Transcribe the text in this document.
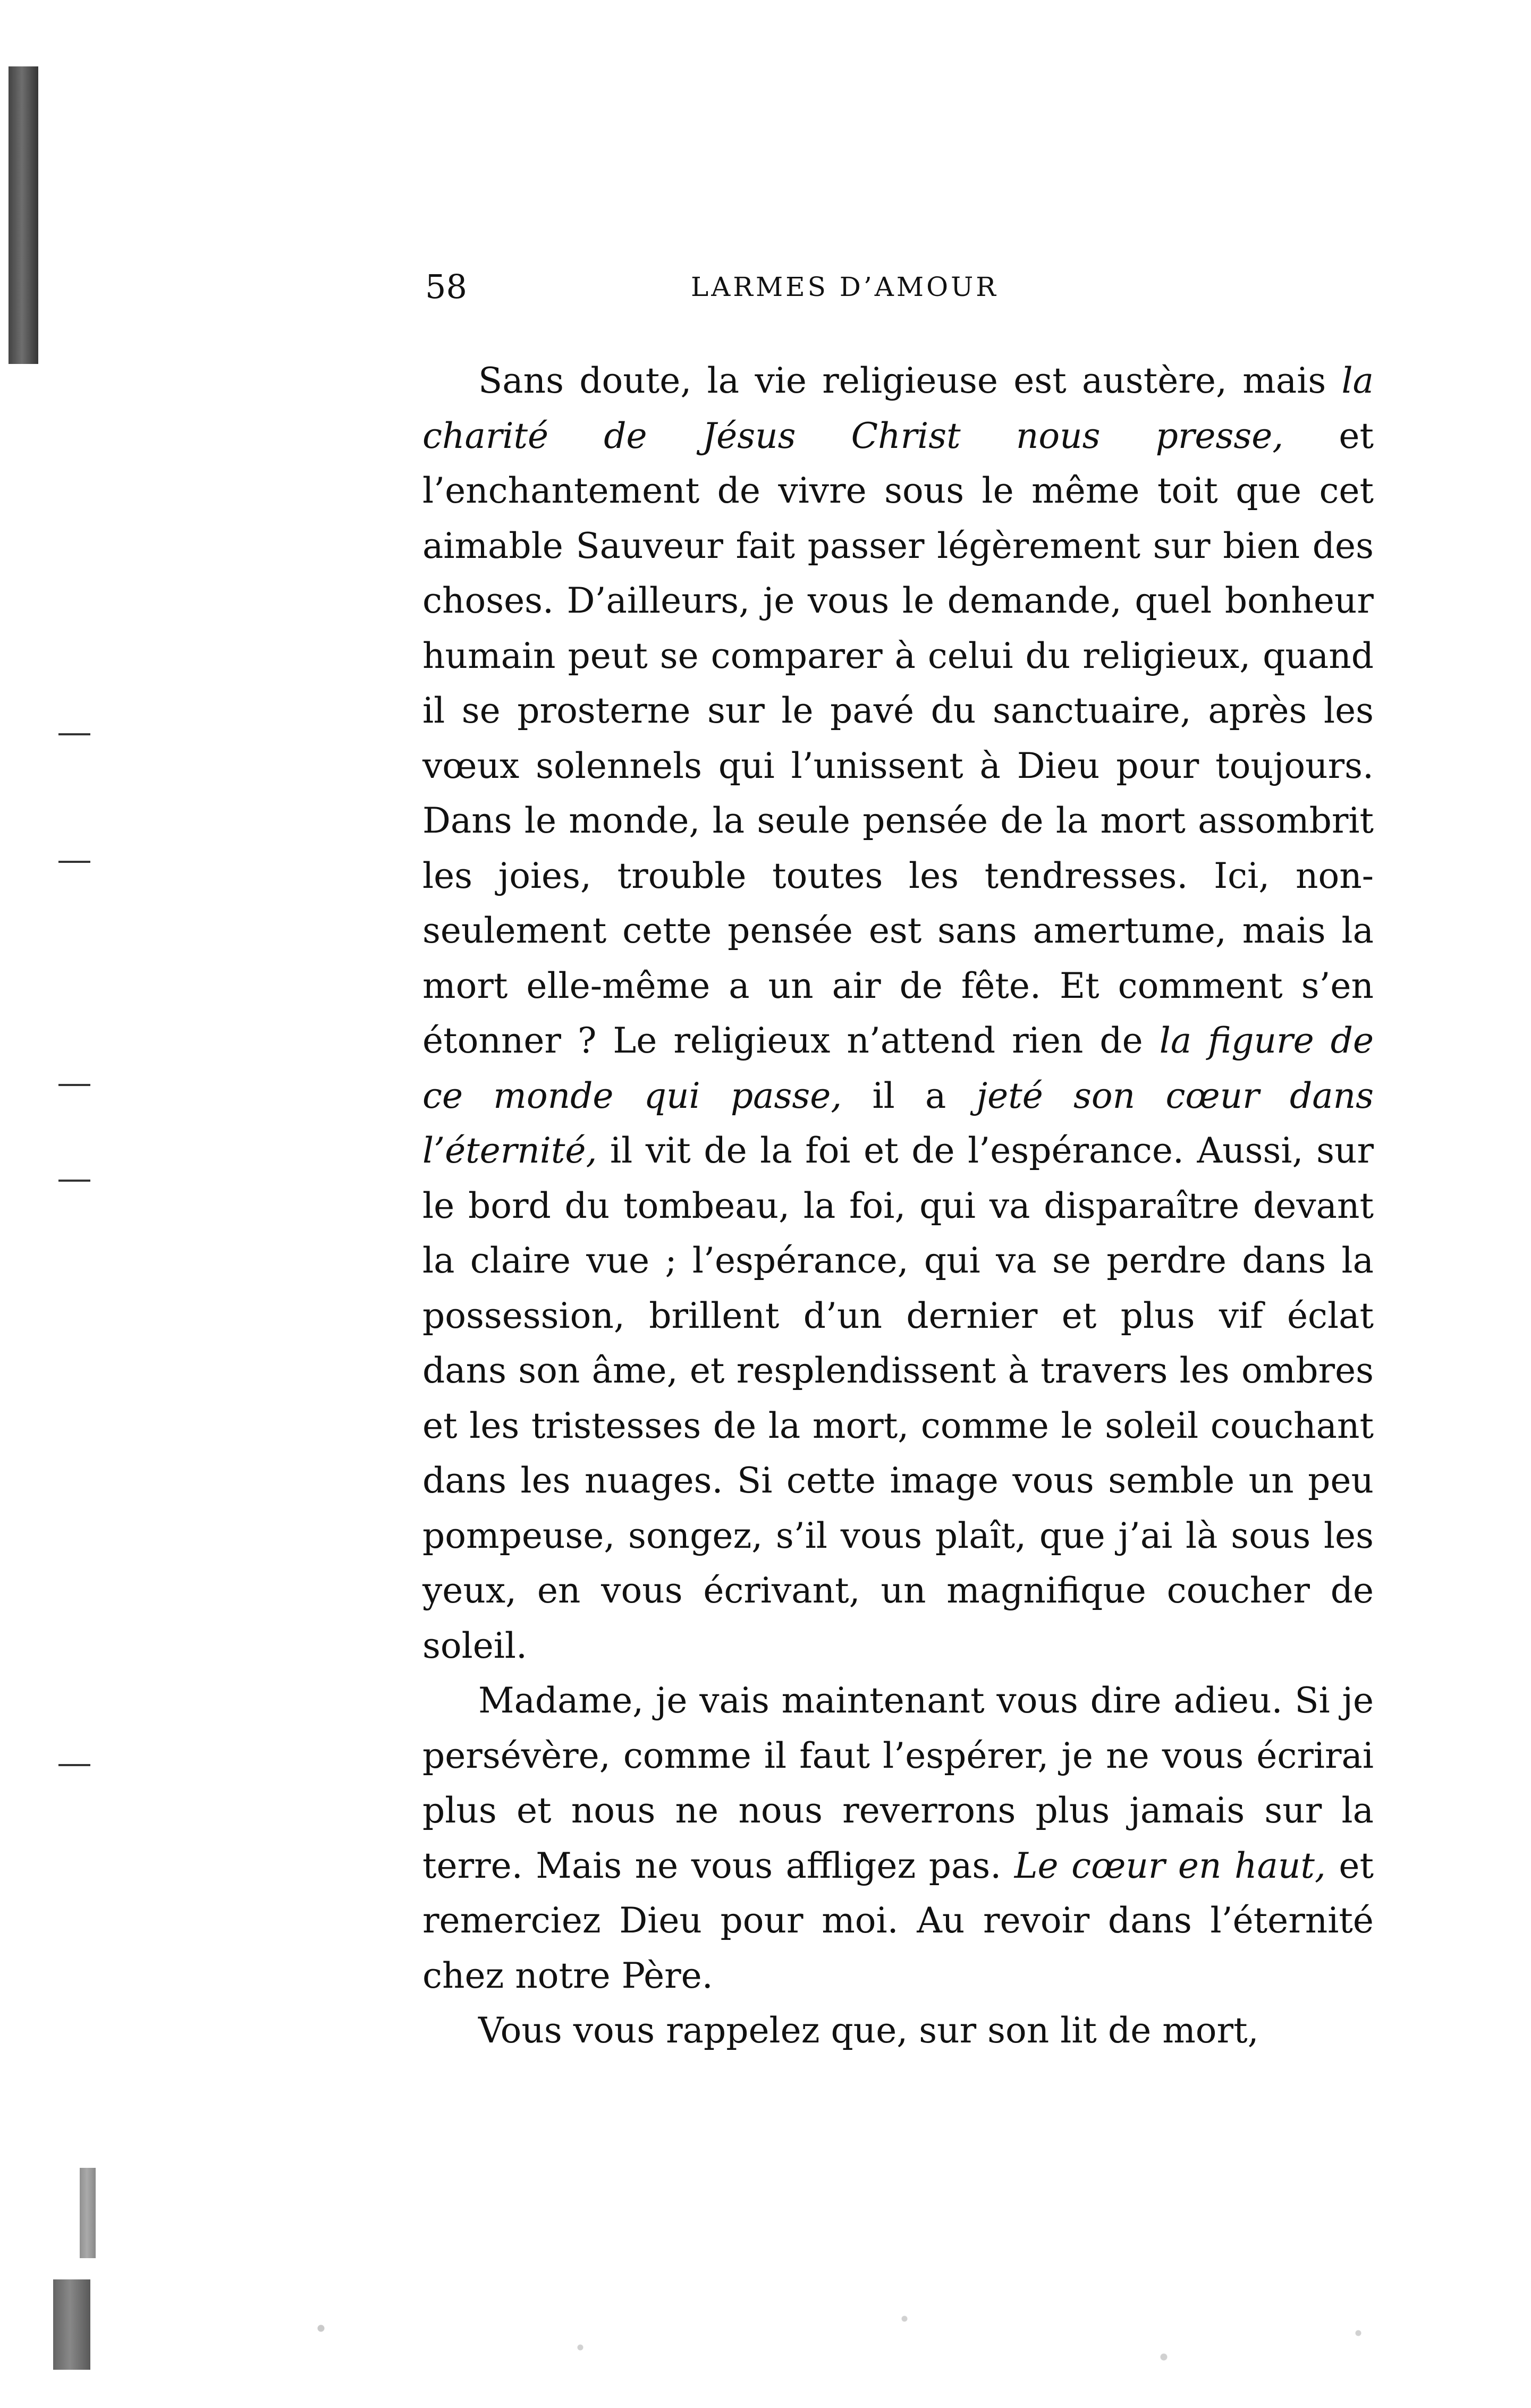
58	LARMES D’AMOUR

Sans doute, la vie religieuse est austère, mais la charité de Jésus Christ nous presse, et l’enchantement de vivre sous le même toit que cet aimable Sauveur fait passer légèrement sur bien des choses. D’ailleurs, je vous le demande, quel bonheur humain peut se comparer à celui du religieux, quand il se prosterne sur le pavé du sanctuaire, après les vœux solennels qui l’unissent à Dieu pour toujours. Dans le monde, la seule pensée de la mort assombrit les joies, trouble toutes les tendresses. Ici, non-seulement cette pensée est sans amertume, mais la mort elle-même a un air de fête. Et comment s’en étonner ? Le religieux n’attend rien de la figure de ce monde qui passe, il a jeté son cœur dans l’éternité, il vit de la foi et de l’espérance. Aussi, sur le bord du tombeau, la foi, qui va disparaître devant la claire vue ; l’espérance, qui va se perdre dans la possession, brillent d’un dernier et plus vif éclat dans son âme, et resplendissent à travers les ombres et les tristesses de la mort, comme le soleil couchant dans les nuages. Si cette image vous semble un peu pompeuse, songez, s’il vous plaît, que j’ai là sous les yeux, en vous écrivant, un magnifique coucher de soleil.

Madame, je vais maintenant vous dire adieu. Si je persévère, comme il faut l’espérer, je ne vous écrirai plus et nous ne nous reverrons plus jamais sur la terre. Mais ne vous affligez pas. Le cœur en haut, et remerciez Dieu pour moi. Au revoir dans l’éternité chez notre Père.

Vous vous rappelez que, sur son lit de mort,
